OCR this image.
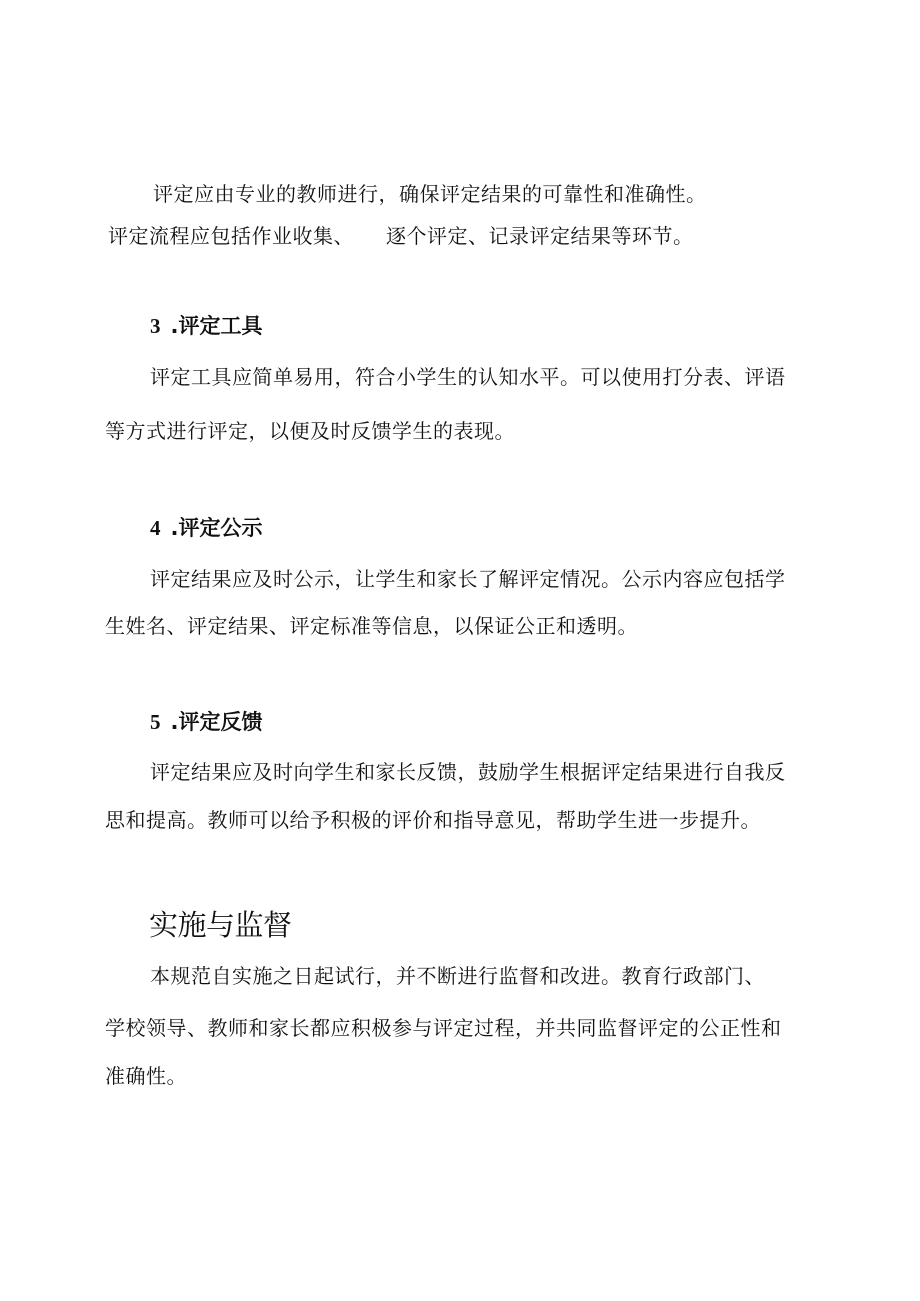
评定应由专业的教师进行，确保评定结果的可靠性和准确性。

评定流程应包括作业收集、 逐个评定、记录评定结果等环节。

3 .评定工具

评定工具应简单易用，符合小学生的认知水平。可以使用打分表、评语

等方式进行评定，以便及时反馈学生的表现。

4 .评定公示

评定结果应及时公示，让学生和家长了解评定情况。公示内容应包括学

生姓名、评定结果、评定标准等信息，以保证公正和透明。

5 .评定反馈

评定结果应及时向学生和家长反馈，鼓励学生根据评定结果进行自我反

思和提高。教师可以给予积极的评价和指导意见，帮助学生进一步提升。

实施与监督

本规范自实施之日起试行，并不断进行监督和改进。教育行政部门、

学校领导、教师和家长都应积极参与评定过程，并共同监督评定的公正性和

准确性。
